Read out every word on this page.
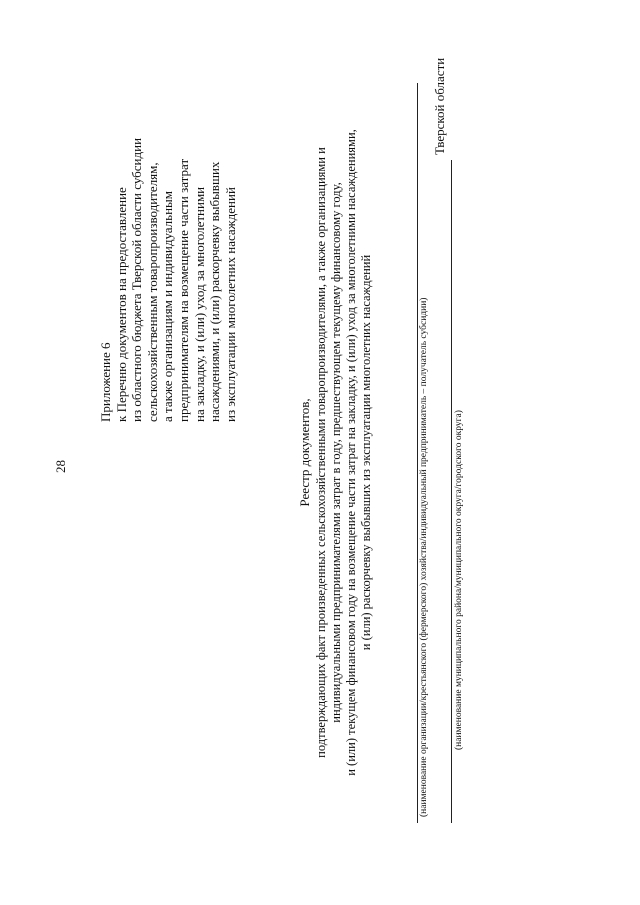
28
Приложение 6 к Перечню документов на предоставление из областного бюджета Тверской области субсидии сельскохозяйственным товаропроизводителям, а также организациям и индивидуальным предпринимателям на возмещение части затрат на закладку, и (или) уход за многолетними насаждениями, и (или) раскорчевку выбывших из эксплуатации многолетних насаждений
Реестр документов, подтверждающих факт произведенных сельскохозяйственными товаропроизводителями, а также организациями и индивидуальными предпринимателями затрат в году, предшествующем текущему финансовому году, и (или) текущем финансовом году на возмещение части затрат на закладку, и (или) уход за многолетними насаждениями, и (или) раскорчевку выбывших из эксплуатации многолетних насаждений	(наименование организации/крестьянского (фермерского) хозяйства/индивидуальный предприниматель – получатель субсидии)
Тверской области
(наименование муниципального района/муниципального округа/городского округа)
